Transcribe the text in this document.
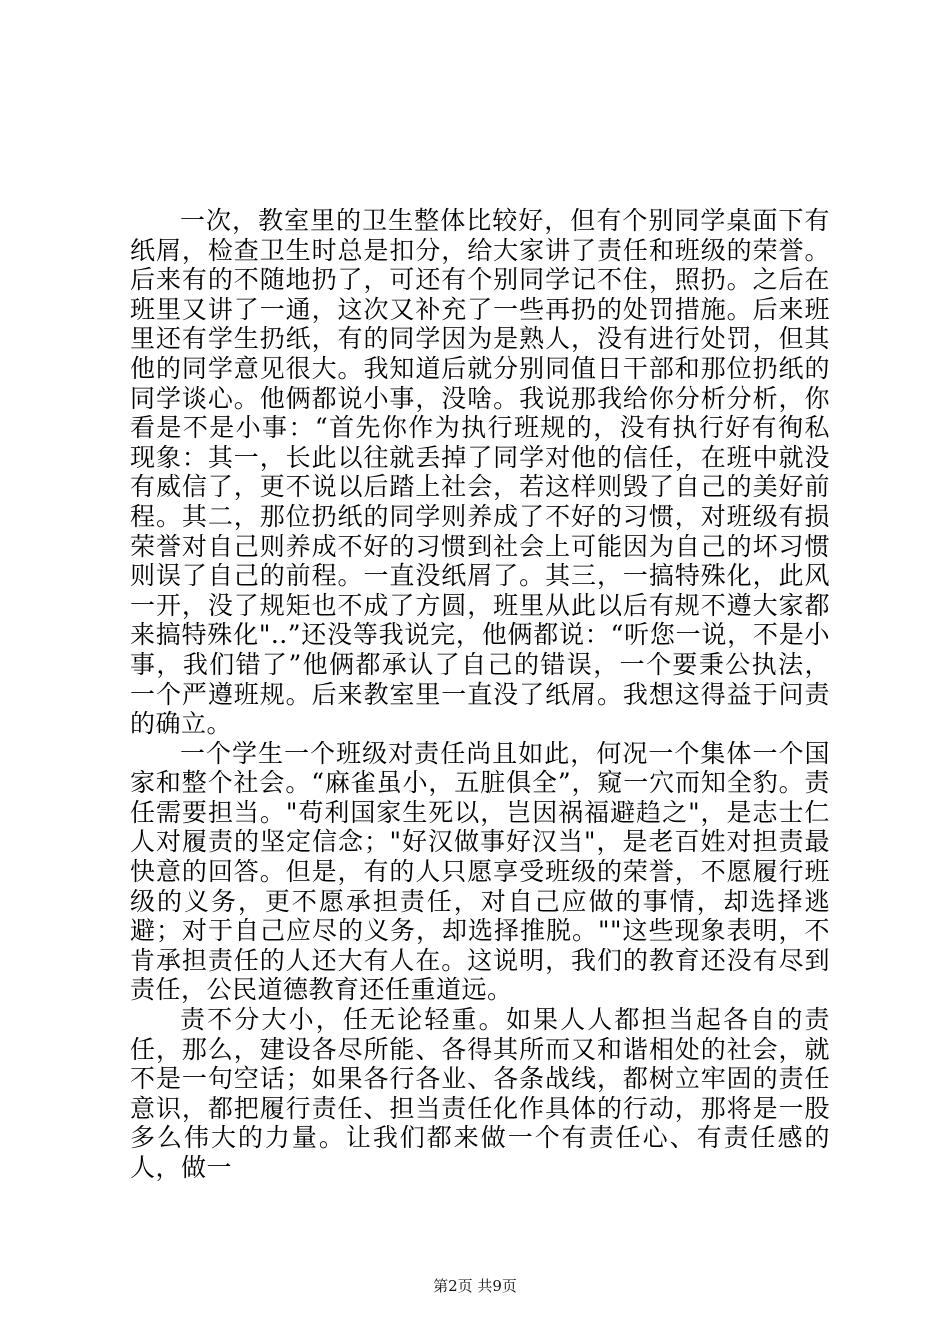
一次，教室里的卫生整体比较好，但有个别同学桌面下有纸屑，检查卫生时总是扣分，给大家讲了责任和班级的荣誉。后来有的不随地扔了，可还有个别同学记不住，照扔。之后在班里又讲了一通，这次又补充了一些再扔的处罚措施。后来班里还有学生扔纸，有的同学因为是熟人，没有进行处罚，但其他的同学意见很大。我知道后就分别同值日干部和那位扔纸的同学谈心。他俩都说小事，没啥。我说那我给你分析分析，你看是不是小事：“首先你作为执行班规的，没有执行好有徇私现象：其一，长此以往就丢掉了同学对他的信任，在班中就没有威信了，更不说以后踏上社会，若这样则毁了自己的美好前程。其二，那位扔纸的同学则养成了不好的习惯，对班级有损荣誉对自己则养成不好的习惯到社会上可能因为自己的坏习惯则误了自己的前程。一直没纸屑了。其三，一搞特殊化，此风一开，没了规矩也不成了方圆，班里从此以后有规不遵大家都来搞特殊化"..”还没等我说完，他俩都说：“听您一说，不是小事，我们错了”他俩都承认了自己的错误，一个要秉公执法，一个严遵班规。后来教室里一直没了纸屑。我想这得益于问责的确立。

一个学生一个班级对责任尚且如此，何况一个集体一个国家和整个社会。“麻雀虽小，五脏俱全”，窥一穴而知全豹。责任需要担当。"苟利国家生死以，岂因祸福避趋之"，是志士仁人对履责的坚定信念；"好汉做事好汉当"，是老百姓对担责最快意的回答。但是，有的人只愿享受班级的荣誉，不愿履行班级的义务，更不愿承担责任，对自己应做的事情，却选择逃避；对于自己应尽的义务，却选择推脱。""这些现象表明，不肯承担责任的人还大有人在。这说明，我们的教育还没有尽到责任，公民道德教育还任重道远。

责不分大小，任无论轻重。如果人人都担当起各自的责任，那么，建设各尽所能、各得其所而又和谐相处的社会，就不是一句空话；如果各行各业、各条战线，都树立牢固的责任意识，都把履行责任、担当责任化作具体的行动，那将是一股多么伟大的力量。让我们都来做一个有责任心、有责任感的人，做一

第2页 共9页
